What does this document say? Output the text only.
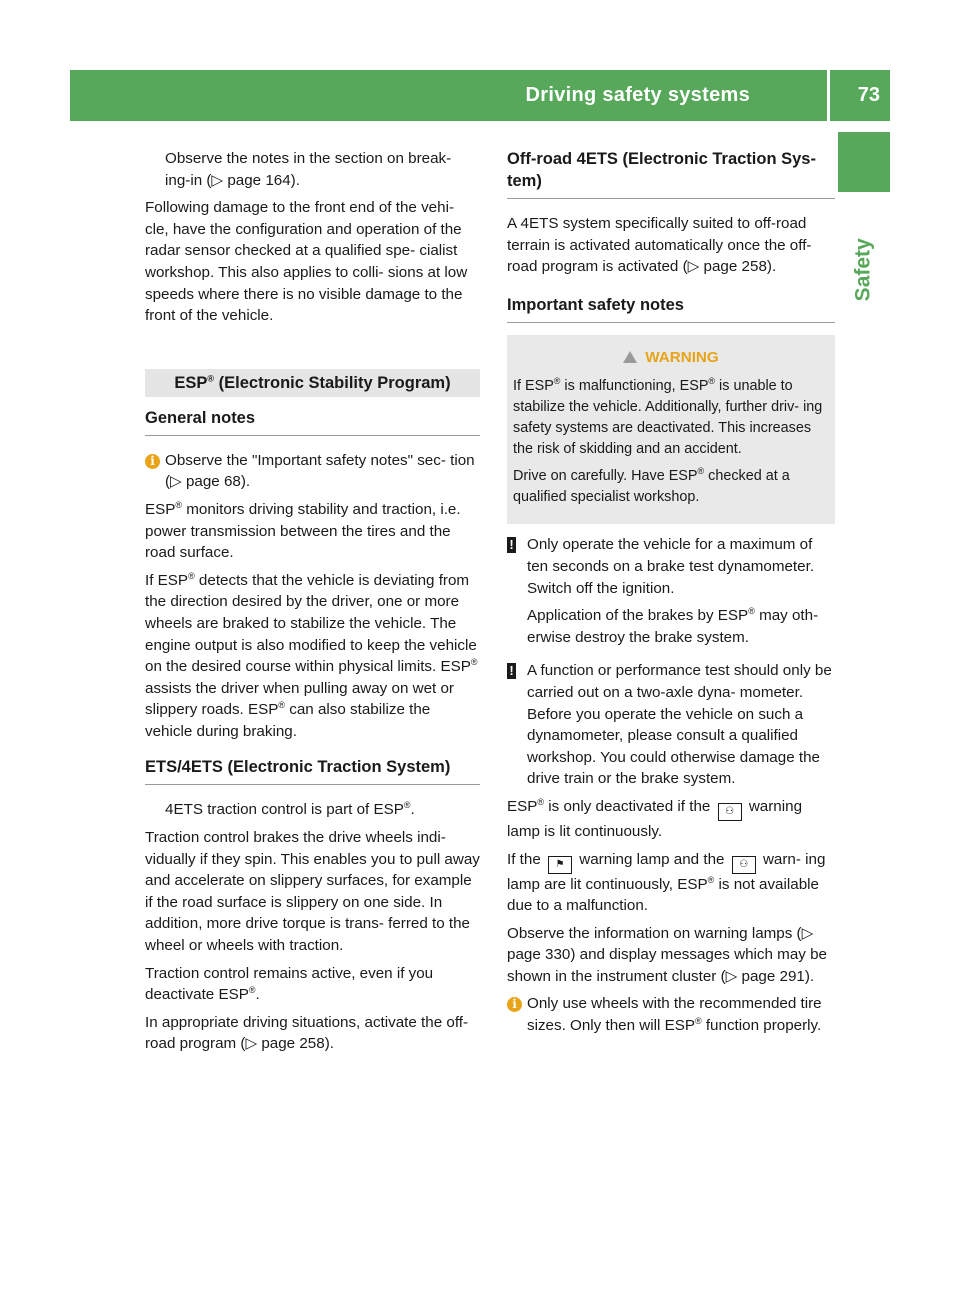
Driving safety systems	73
Safety

Observe the notes in the section on break-
ing-in (▷ page 164).

Following damage to the front end of the vehi- cle, have the configuration and operation of the radar sensor checked at a qualified spe- cialist workshop. This also applies to colli- sions at low speeds where there is no visible damage to the front of the vehicle.

ESP® (Electronic Stability Program)
General notes
i Observe the "Important safety notes" sec- tion (▷ page 68).

ESP® monitors driving stability and traction, i.e. power transmission between the tires and the road surface.

If ESP® detects that the vehicle is deviating from the direction desired by the driver, one or more wheels are braked to stabilize the vehicle. The engine output is also modified to keep the vehicle on the desired course within physical limits. ESP® assists the driver when pulling away on wet or slippery roads. ESP® can also stabilize the vehicle during braking.

ETS/4ETS (Electronic Traction System)

4ETS traction control is part of ESP®.

Traction control brakes the drive wheels indi- vidually if they spin. This enables you to pull away and accelerate on slippery surfaces, for example if the road surface is slippery on one side. In addition, more drive torque is trans- ferred to the wheel or wheels with traction.

Traction control remains active, even if you deactivate ESP®.

In appropriate driving situations, activate the off-road program (▷ page 258).

Off-road 4ETS (Electronic Traction Sys- tem)

A 4ETS system specifically suited to off-road terrain is activated automatically once the off- road program is activated (▷ page 258).

Important safety notes
WARNING

If ESP® is malfunctioning, ESP® is unable to stabilize the vehicle. Additionally, further driv- ing safety systems are deactivated. This increases the risk of skidding and an accident.

Drive on carefully. Have ESP® checked at a qualified specialist workshop.

! Only operate the vehicle for a maximum of ten seconds on a brake test dynamometer. Switch off the ignition.

Application of the brakes by ESP® may oth- erwise destroy the brake system.

! A function or performance test should only be carried out on a two-axle dyna- mometer. Before you operate the vehicle on such a dynamometer, please consult a qualified workshop. You could otherwise damage the drive train or the brake system.

ESP® is only deactivated if the ⚇ warning lamp is lit continuously.

If the ⚑ warning lamp and the ⚇ warn- ing lamp are lit continuously, ESP® is not available due to a malfunction.

Observe the information on warning lamps (▷ page 330) and display messages which may be shown in the instrument cluster (▷ page 291).

i Only use wheels with the recommended tire sizes. Only then will ESP® function properly.
